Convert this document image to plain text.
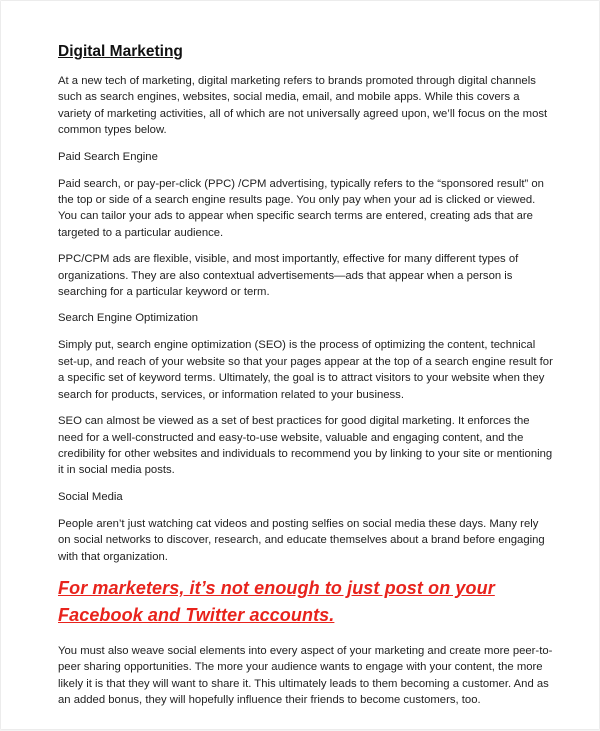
Digital Marketing

At a new tech of marketing, digital marketing refers to brands promoted through digital channels such as search engines, websites, social media, email, and mobile apps. While this covers a variety of marketing activities, all of which are not universally agreed upon, we’ll focus on the most common types below.

Paid Search Engine

Paid search, or pay-per-click (PPC) /CPM advertising, typically refers to the “sponsored result” on the top or side of a search engine results page. You only pay when your ad is clicked or viewed. You can tailor your ads to appear when specific search terms are entered, creating ads that are targeted to a particular audience.

PPC/CPM ads are flexible, visible, and most importantly, effective for many different types of organizations. They are also contextual advertisements—ads that appear when a person is searching for a particular keyword or term.

Search Engine Optimization

Simply put, search engine optimization (SEO) is the process of optimizing the content, technical set-up, and reach of your website so that your pages appear at the top of a search engine result for a specific set of keyword terms. Ultimately, the goal is to attract visitors to your website when they search for products, services, or information related to your business.

SEO can almost be viewed as a set of best practices for good digital marketing. It enforces the need for a well-constructed and easy-to-use website, valuable and engaging content, and the credibility for other websites and individuals to recommend you by linking to your site or mentioning it in social media posts.

Social Media

People aren’t just watching cat videos and posting selfies on social media these days. Many rely on social networks to discover, research, and educate themselves about a brand before engaging with that organization.

For marketers, it’s not enough to just post on your Facebook and Twitter accounts.

You must also weave social elements into every aspect of your marketing and create more peer-to-peer sharing opportunities. The more your audience wants to engage with your content, the more likely it is that they will want to share it. This ultimately leads to them becoming a customer. And as an added bonus, they will hopefully influence their friends to become customers, too.
